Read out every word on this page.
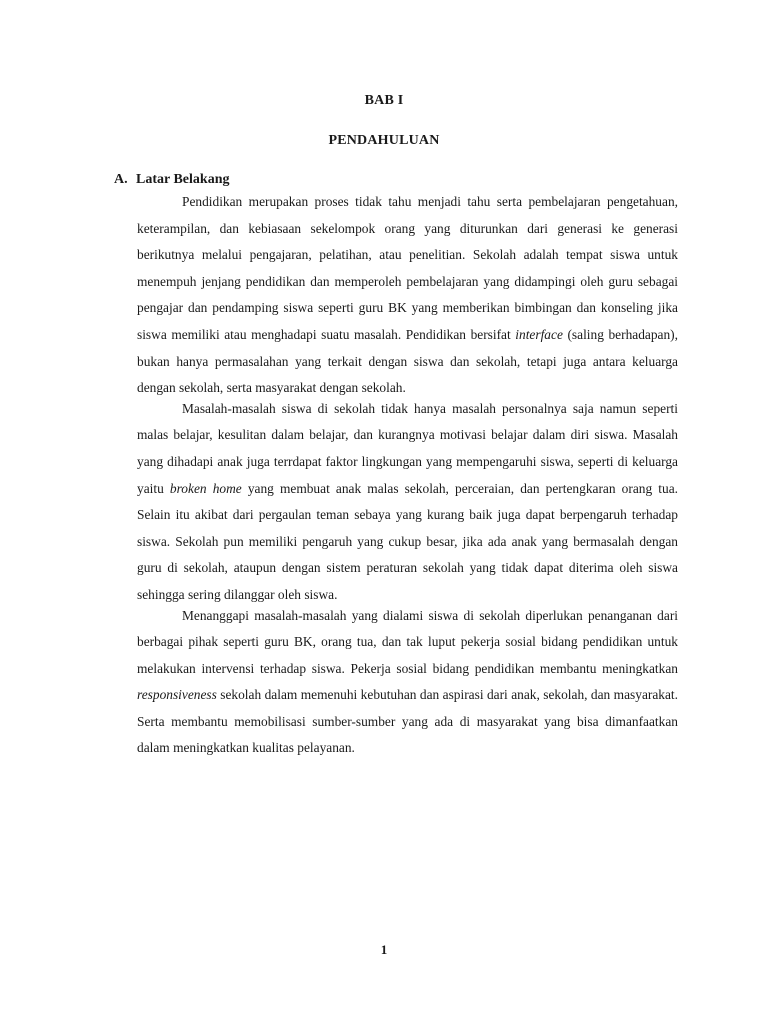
BAB I
PENDAHULUAN
A. Latar Belakang

Pendidikan merupakan proses tidak tahu menjadi tahu serta pembelajaran pengetahuan, keterampilan, dan kebiasaan sekelompok orang yang diturunkan dari generasi ke generasi berikutnya melalui pengajaran, pelatihan, atau penelitian. Sekolah adalah tempat siswa untuk menempuh jenjang pendidikan dan memperoleh pembelajaran yang didampingi oleh guru sebagai pengajar dan pendamping siswa seperti guru BK yang memberikan bimbingan dan konseling jika siswa memiliki atau menghadapi suatu masalah. Pendidikan bersifat interface (saling berhadapan), bukan hanya permasalahan yang terkait dengan siswa dan sekolah, tetapi juga antara keluarga dengan sekolah, serta masyarakat dengan sekolah.

Masalah-masalah siswa di sekolah tidak hanya masalah personalnya saja namun seperti malas belajar, kesulitan dalam belajar, dan kurangnya motivasi belajar dalam diri siswa. Masalah yang dihadapi anak juga terrdapat faktor lingkungan yang mempengaruhi siswa, seperti di keluarga yaitu broken home yang membuat anak malas sekolah, perceraian, dan pertengkaran orang tua. Selain itu akibat dari pergaulan teman sebaya yang kurang baik juga dapat berpengaruh terhadap siswa. Sekolah pun memiliki pengaruh yang cukup besar, jika ada anak yang bermasalah dengan guru di sekolah, ataupun dengan sistem peraturan sekolah yang tidak dapat diterima oleh siswa sehingga sering dilanggar oleh siswa.

Menanggapi masalah-masalah yang dialami siswa di sekolah diperlukan penanganan dari berbagai pihak seperti guru BK, orang tua, dan tak luput pekerja sosial bidang pendidikan untuk melakukan intervensi terhadap siswa. Pekerja sosial bidang pendidikan membantu meningkatkan responsiveness sekolah dalam memenuhi kebutuhan dan aspirasi dari anak, sekolah, dan masyarakat. Serta membantu memobilisasi sumber-sumber yang ada di masyarakat yang bisa dimanfaatkan dalam meningkatkan kualitas pelayanan.

1
